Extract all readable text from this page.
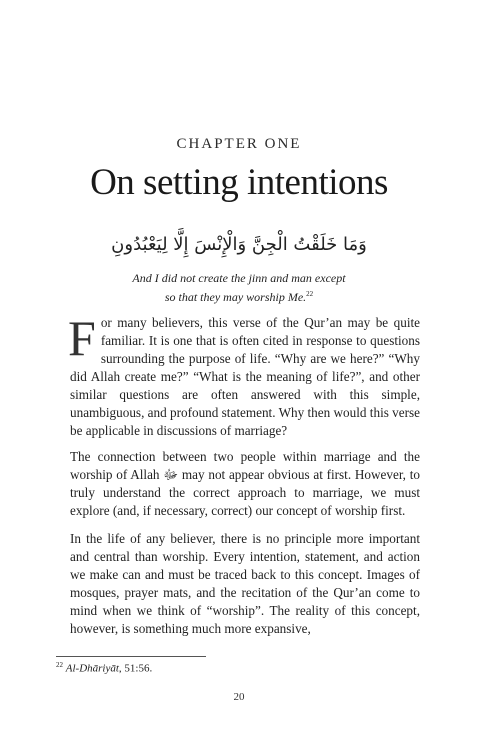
CHAPTER ONE
On setting intentions
وَمَا خَلَقْتُ الْجِنَّ وَالْإِنْسَ إِلَّا لِيَعْبُدُونِ
And I did not create the jinn and man except
so that they may worship Me.$^{22}$
For many believers, this verse of the Qur’an may be quite familiar. It is one that is often cited in response to questions surrounding the purpose of life. “Why are we here?” “Why did Allah create me?” “What is the meaning of life?”, and other similar questions are often answered with this simple, unambiguous, and profound statement. Why then would this verse be applicable in discussions of marriage?
The connection between two people within marriage and the worship of Allah ﷻ may not appear obvious at first. However, to truly understand the correct approach to marriage, we must explore (and, if necessary, correct) our concept of worship first.
In the life of any believer, there is no principle more important and central than worship. Every intention, statement, and action we make can and must be traced back to this concept. Images of mosques, prayer mats, and the recitation of the Qur’an come to mind when we think of “worship”. The reality of this concept, however, is something much more expansive,
$^{22}$ Al-Dhāriyāt, 51:56.
20
